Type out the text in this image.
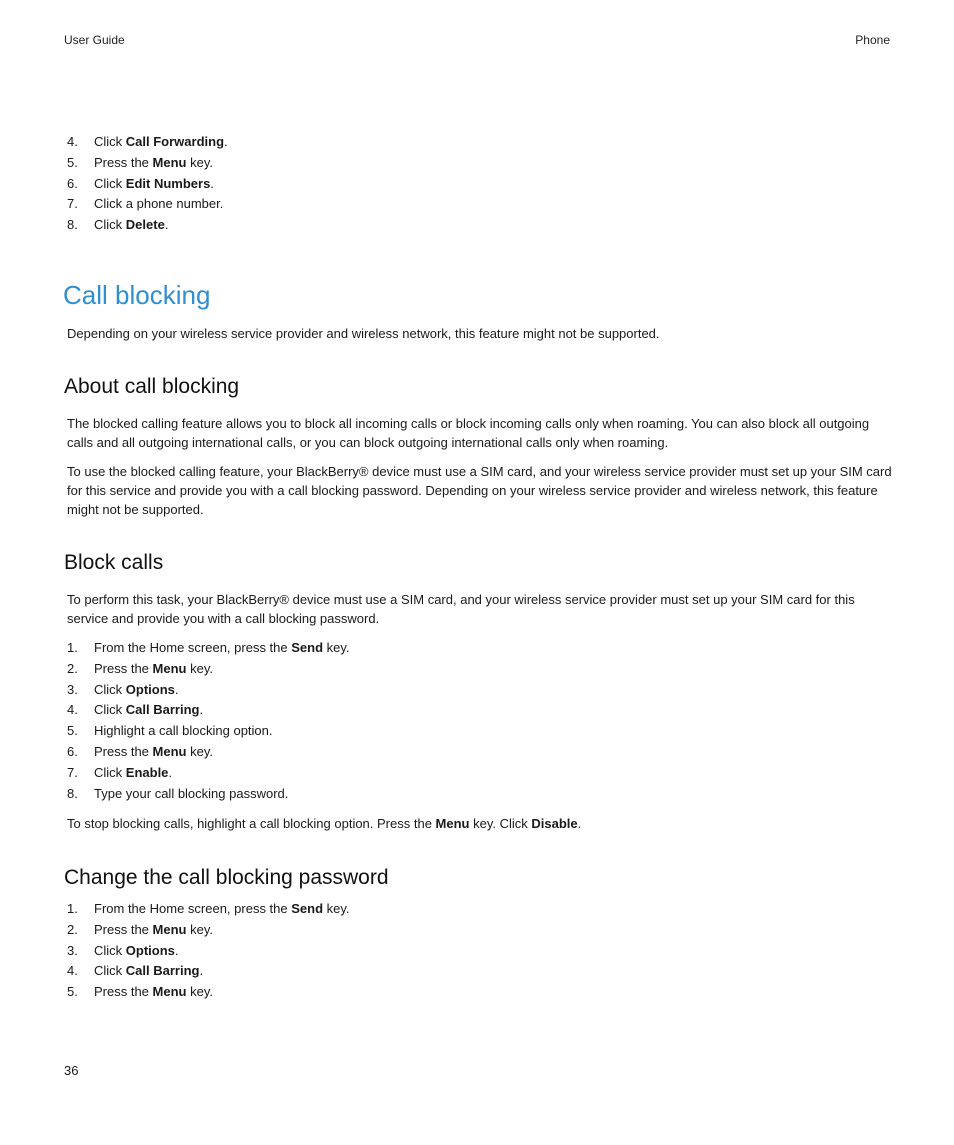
User Guide	Phone
4. Click Call Forwarding.
5. Press the Menu key.
6. Click Edit Numbers.
7. Click a phone number.
8. Click Delete.
Call blocking

Depending on your wireless service provider and wireless network, this feature might not be supported.

About call blocking

The blocked calling feature allows you to block all incoming calls or block incoming calls only when roaming. You can also block all outgoing calls and all outgoing international calls, or you can block outgoing international calls only when roaming.

To use the blocked calling feature, your BlackBerry® device must use a SIM card, and your wireless service provider must set up your SIM card for this service and provide you with a call blocking password. Depending on your wireless service provider and wireless network, this feature might not be supported.

Block calls

To perform this task, your BlackBerry® device must use a SIM card, and your wireless service provider must set up your SIM card for this service and provide you with a call blocking password.

1. From the Home screen, press the Send key.
2. Press the Menu key.
3. Click Options.
4. Click Call Barring.
5. Highlight a call blocking option.
6. Press the Menu key.
7. Click Enable.
8. Type your call blocking password.

To stop blocking calls, highlight a call blocking option. Press the Menu key. Click Disable.

Change the call blocking password
1. From the Home screen, press the Send key.
2. Press the Menu key.
3. Click Options.
4. Click Call Barring.
5. Press the Menu key.
36
